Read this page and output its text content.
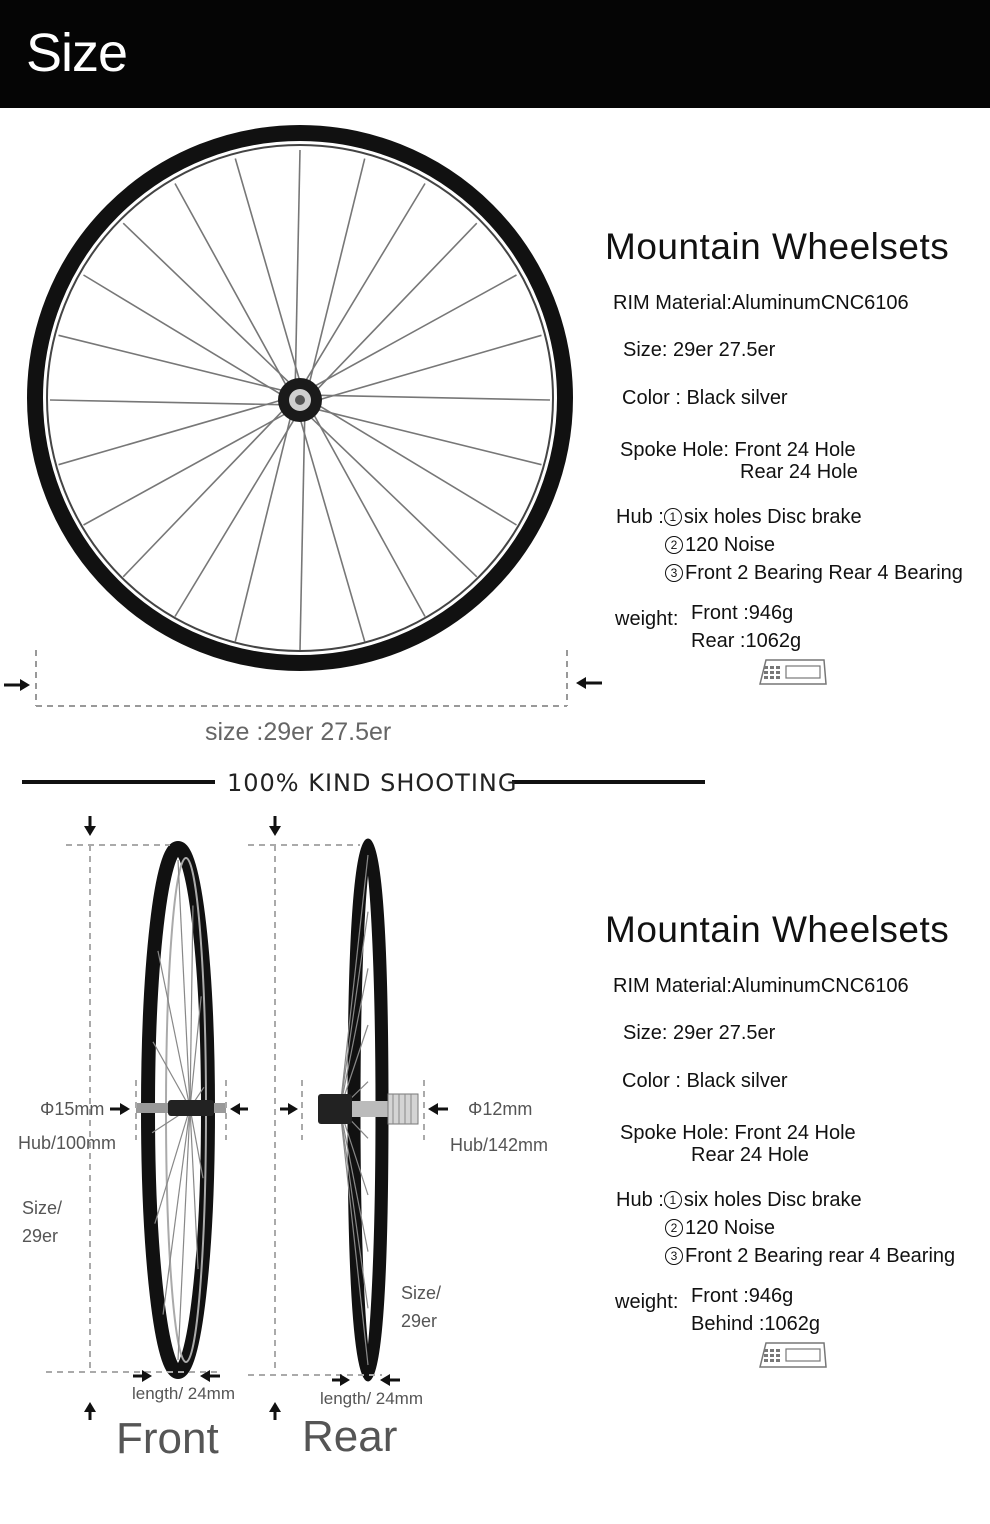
Size
size :29er 27.5er
Mountain Wheelsets
RIM Material:AluminumCNC6106
Size: 29er 27.5er
Color : Black silver
Spoke Hole: Front 24 Hole
Rear 24 Hole
Hub : 1 six holes Disc brake
2 120 Noise
3 Front 2 Bearing Rear 4 Bearing
weight: Front :946g
Rear :1062g
100% KIND SHOOTING
Φ15mm
Hub/100mm
Size/
29er
length/ 24mm
Front
Φ12mm
Hub/142mm
Size/
29er
length/ 24mm
Rear
Mountain Wheelsets
RIM Material:AluminumCNC6106
Size: 29er 27.5er
Color : Black silver
Spoke Hole: Front 24 Hole
Rear 24 Hole
Hub : 1 six holes Disc brake
2 120 Noise
3 Front 2 Bearing rear 4 Bearing
weight: Front :946g
Behind :1062g
